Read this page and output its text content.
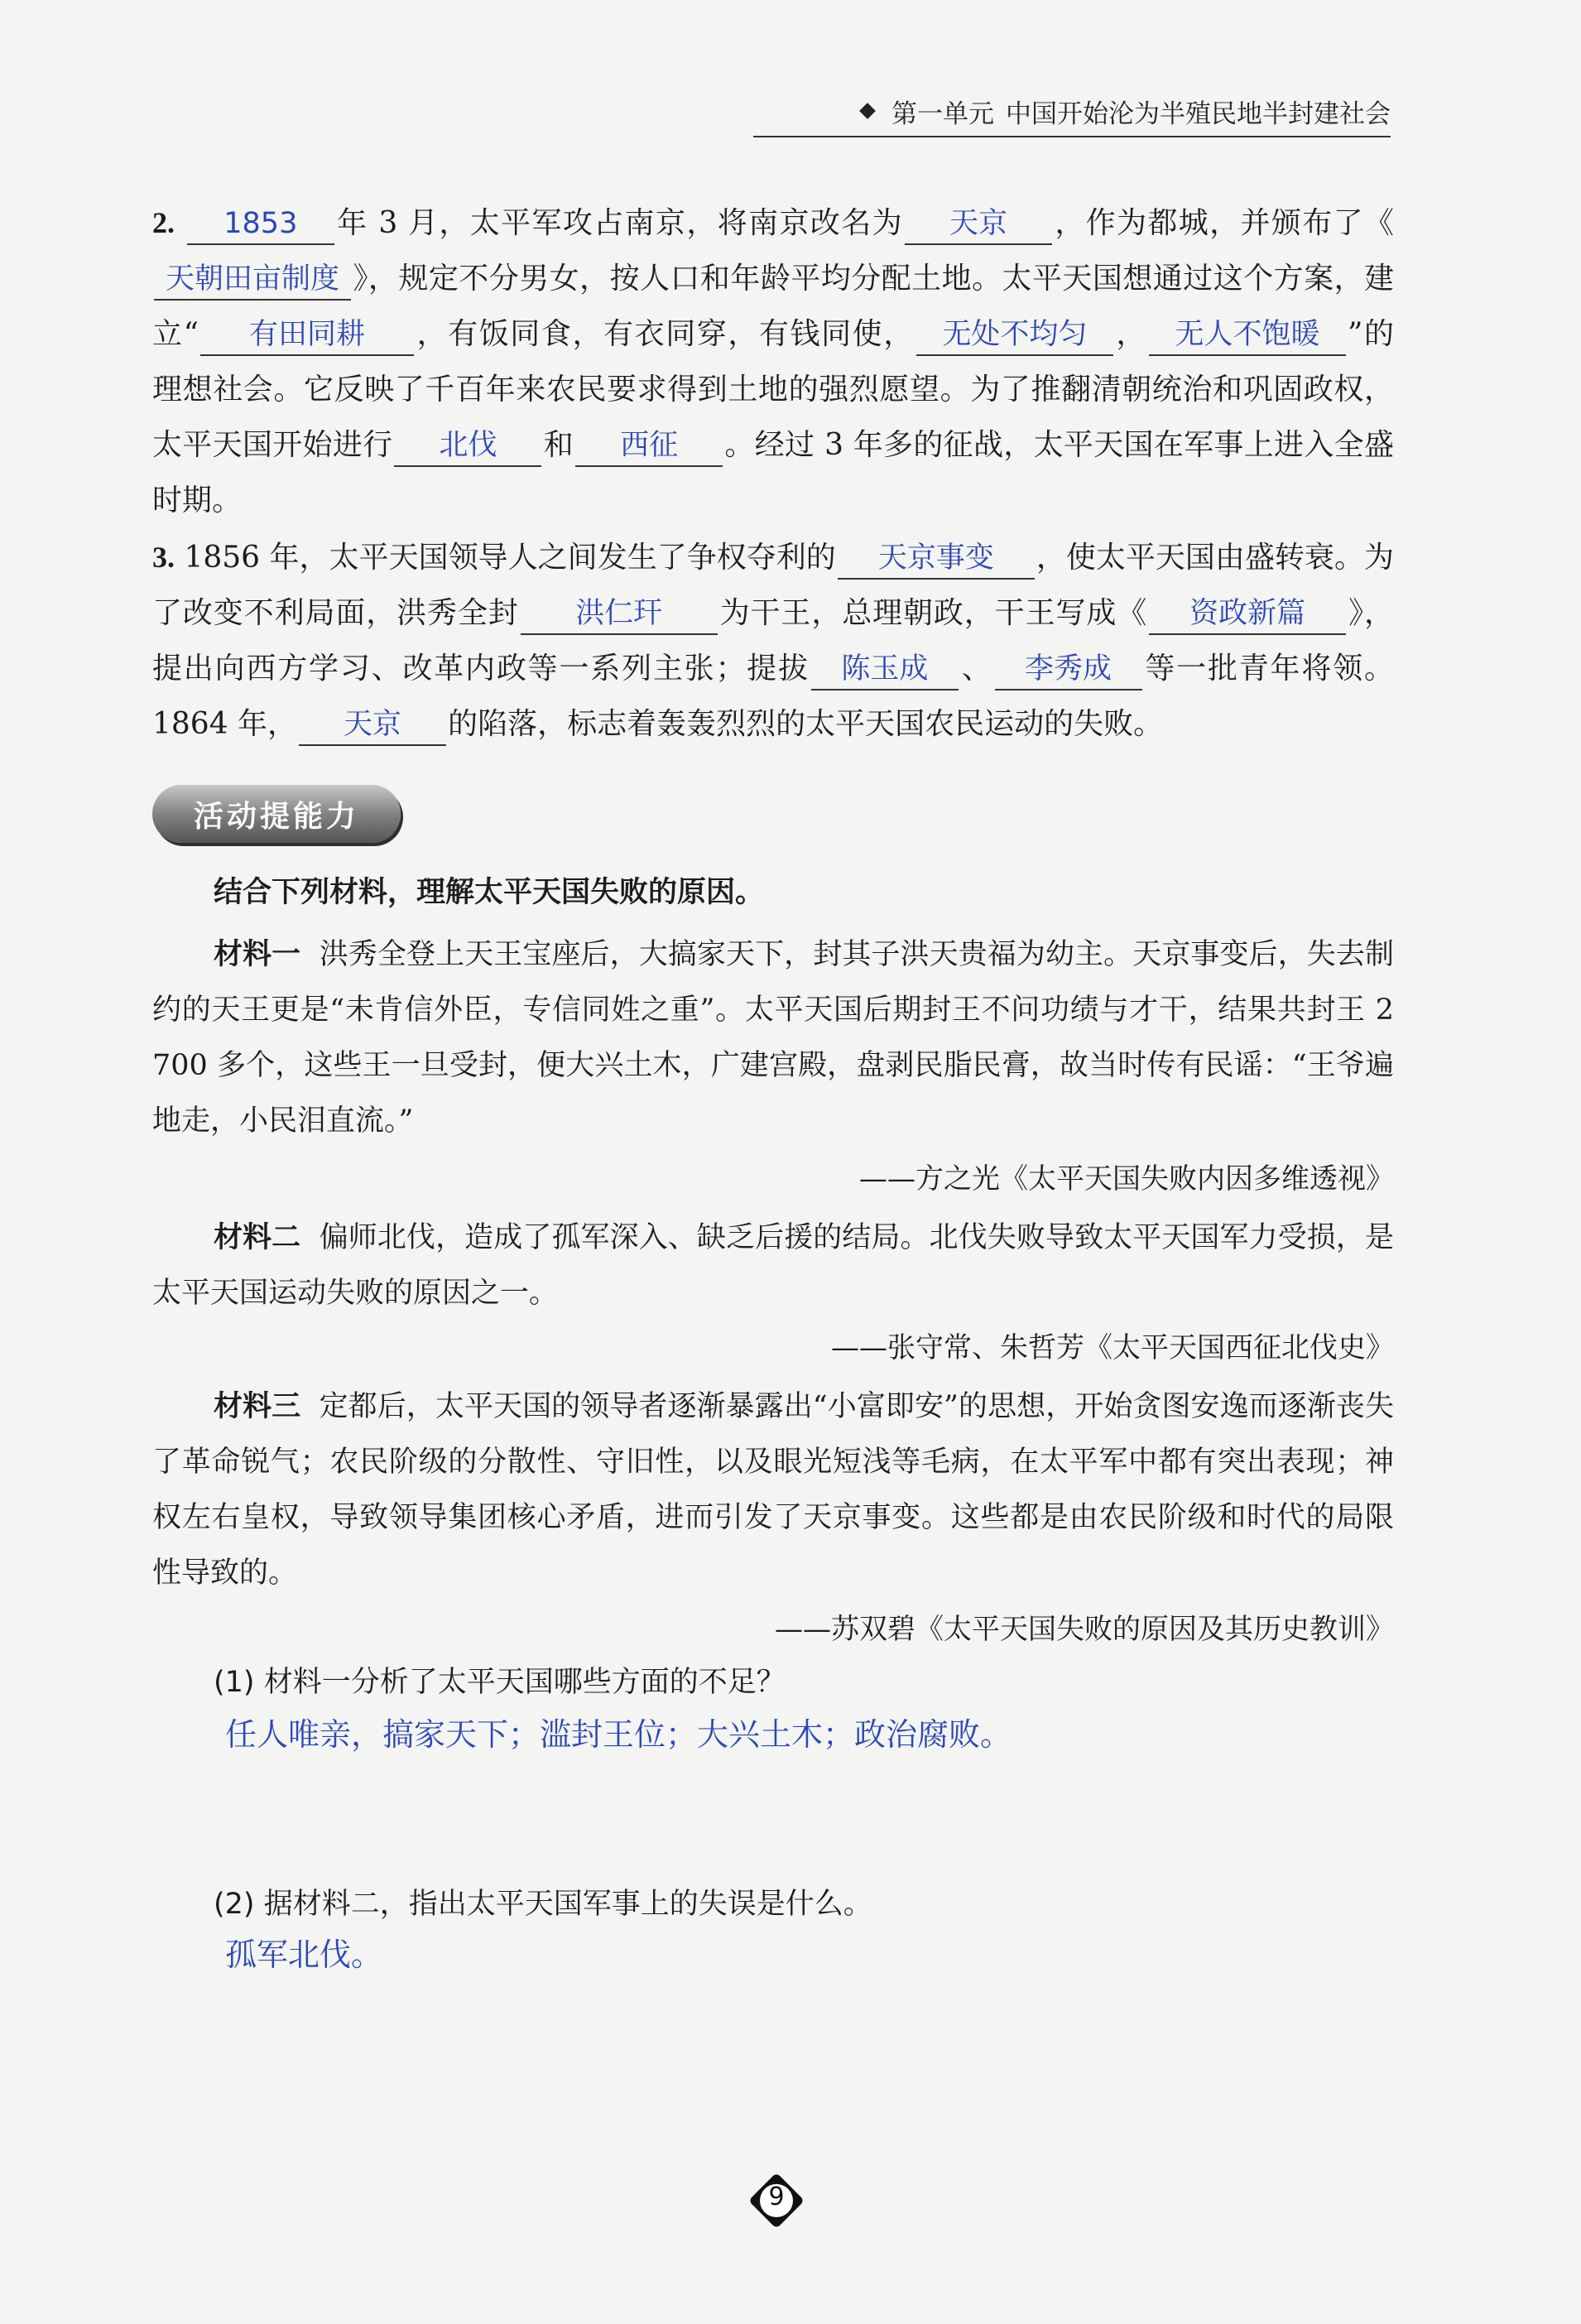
第一单元 中国开始沦为半殖民地半封建社会

2. 1853 年 3 月，太平军攻占南京，将南京改名为 天京 ，作为都城，并颁布了《天朝田亩制度 》，规定不分男女，按人口和年龄平均分配土地。太平天国想通过这个方案，建立“ 有田同耕 ，有饭同食，有衣同穿，有钱同使， 无处不均匀 ， 无人不饱暖 ”的理想社会。它反映了千百年来农民要求得到土地的强烈愿望。为了推翻清朝统治和巩固政权，太平天国开始进行 北伐 和 西征 。经过 3 年多的征战，太平天国在军事上进入全盛时期。

3. 1856 年，太平天国领导人之间发生了争权夺利的 天京事变 ，使太平天国由盛转衰。为了改变不利局面，洪秀全封 洪仁玕 为干王，总理朝政，干王写成《 资政新篇 》，提出向西方学习、改革内政等一系列主张；提拔 陈玉成 、 李秀成 等一批青年将领。1864 年， 天京 的陷落，标志着轰轰烈烈的太平天国农民运动的失败。

活动提能力
结合下列材料，理解太平天国失败的原因。

材料一 洪秀全登上天王宝座后，大搞家天下，封其子洪天贵福为幼主。天京事变后，失去制约的天王更是“未肯信外臣，专信同姓之重”。太平天国后期封王不问功绩与才干，结果共封王 2 700 多个，这些王一旦受封，便大兴土木，广建宫殿，盘剥民脂民膏，故当时传有民谣：“王爷遍地走，小民泪直流。”

——方之光《太平天国失败内因多维透视》

材料二 偏师北伐，造成了孤军深入、缺乏后援的结局。北伐失败导致太平天国军力受损，是太平天国运动失败的原因之一。

——张守常、朱哲芳《太平天国西征北伐史》

材料三 定都后，太平天国的领导者逐渐暴露出“小富即安”的思想，开始贪图安逸而逐渐丧失了革命锐气；农民阶级的分散性、守旧性，以及眼光短浅等毛病，在太平军中都有突出表现；神权左右皇权，导致领导集团核心矛盾，进而引发了天京事变。这些都是由农民阶级和时代的局限性导致的。

——苏双碧《太平天国失败的原因及其历史教训》
(1) 材料一分析了太平天国哪些方面的不足？
任人唯亲，搞家天下；滥封王位；大兴土木；政治腐败。
(2) 据材料二，指出太平天国军事上的失误是什么。
孤军北伐。
9
